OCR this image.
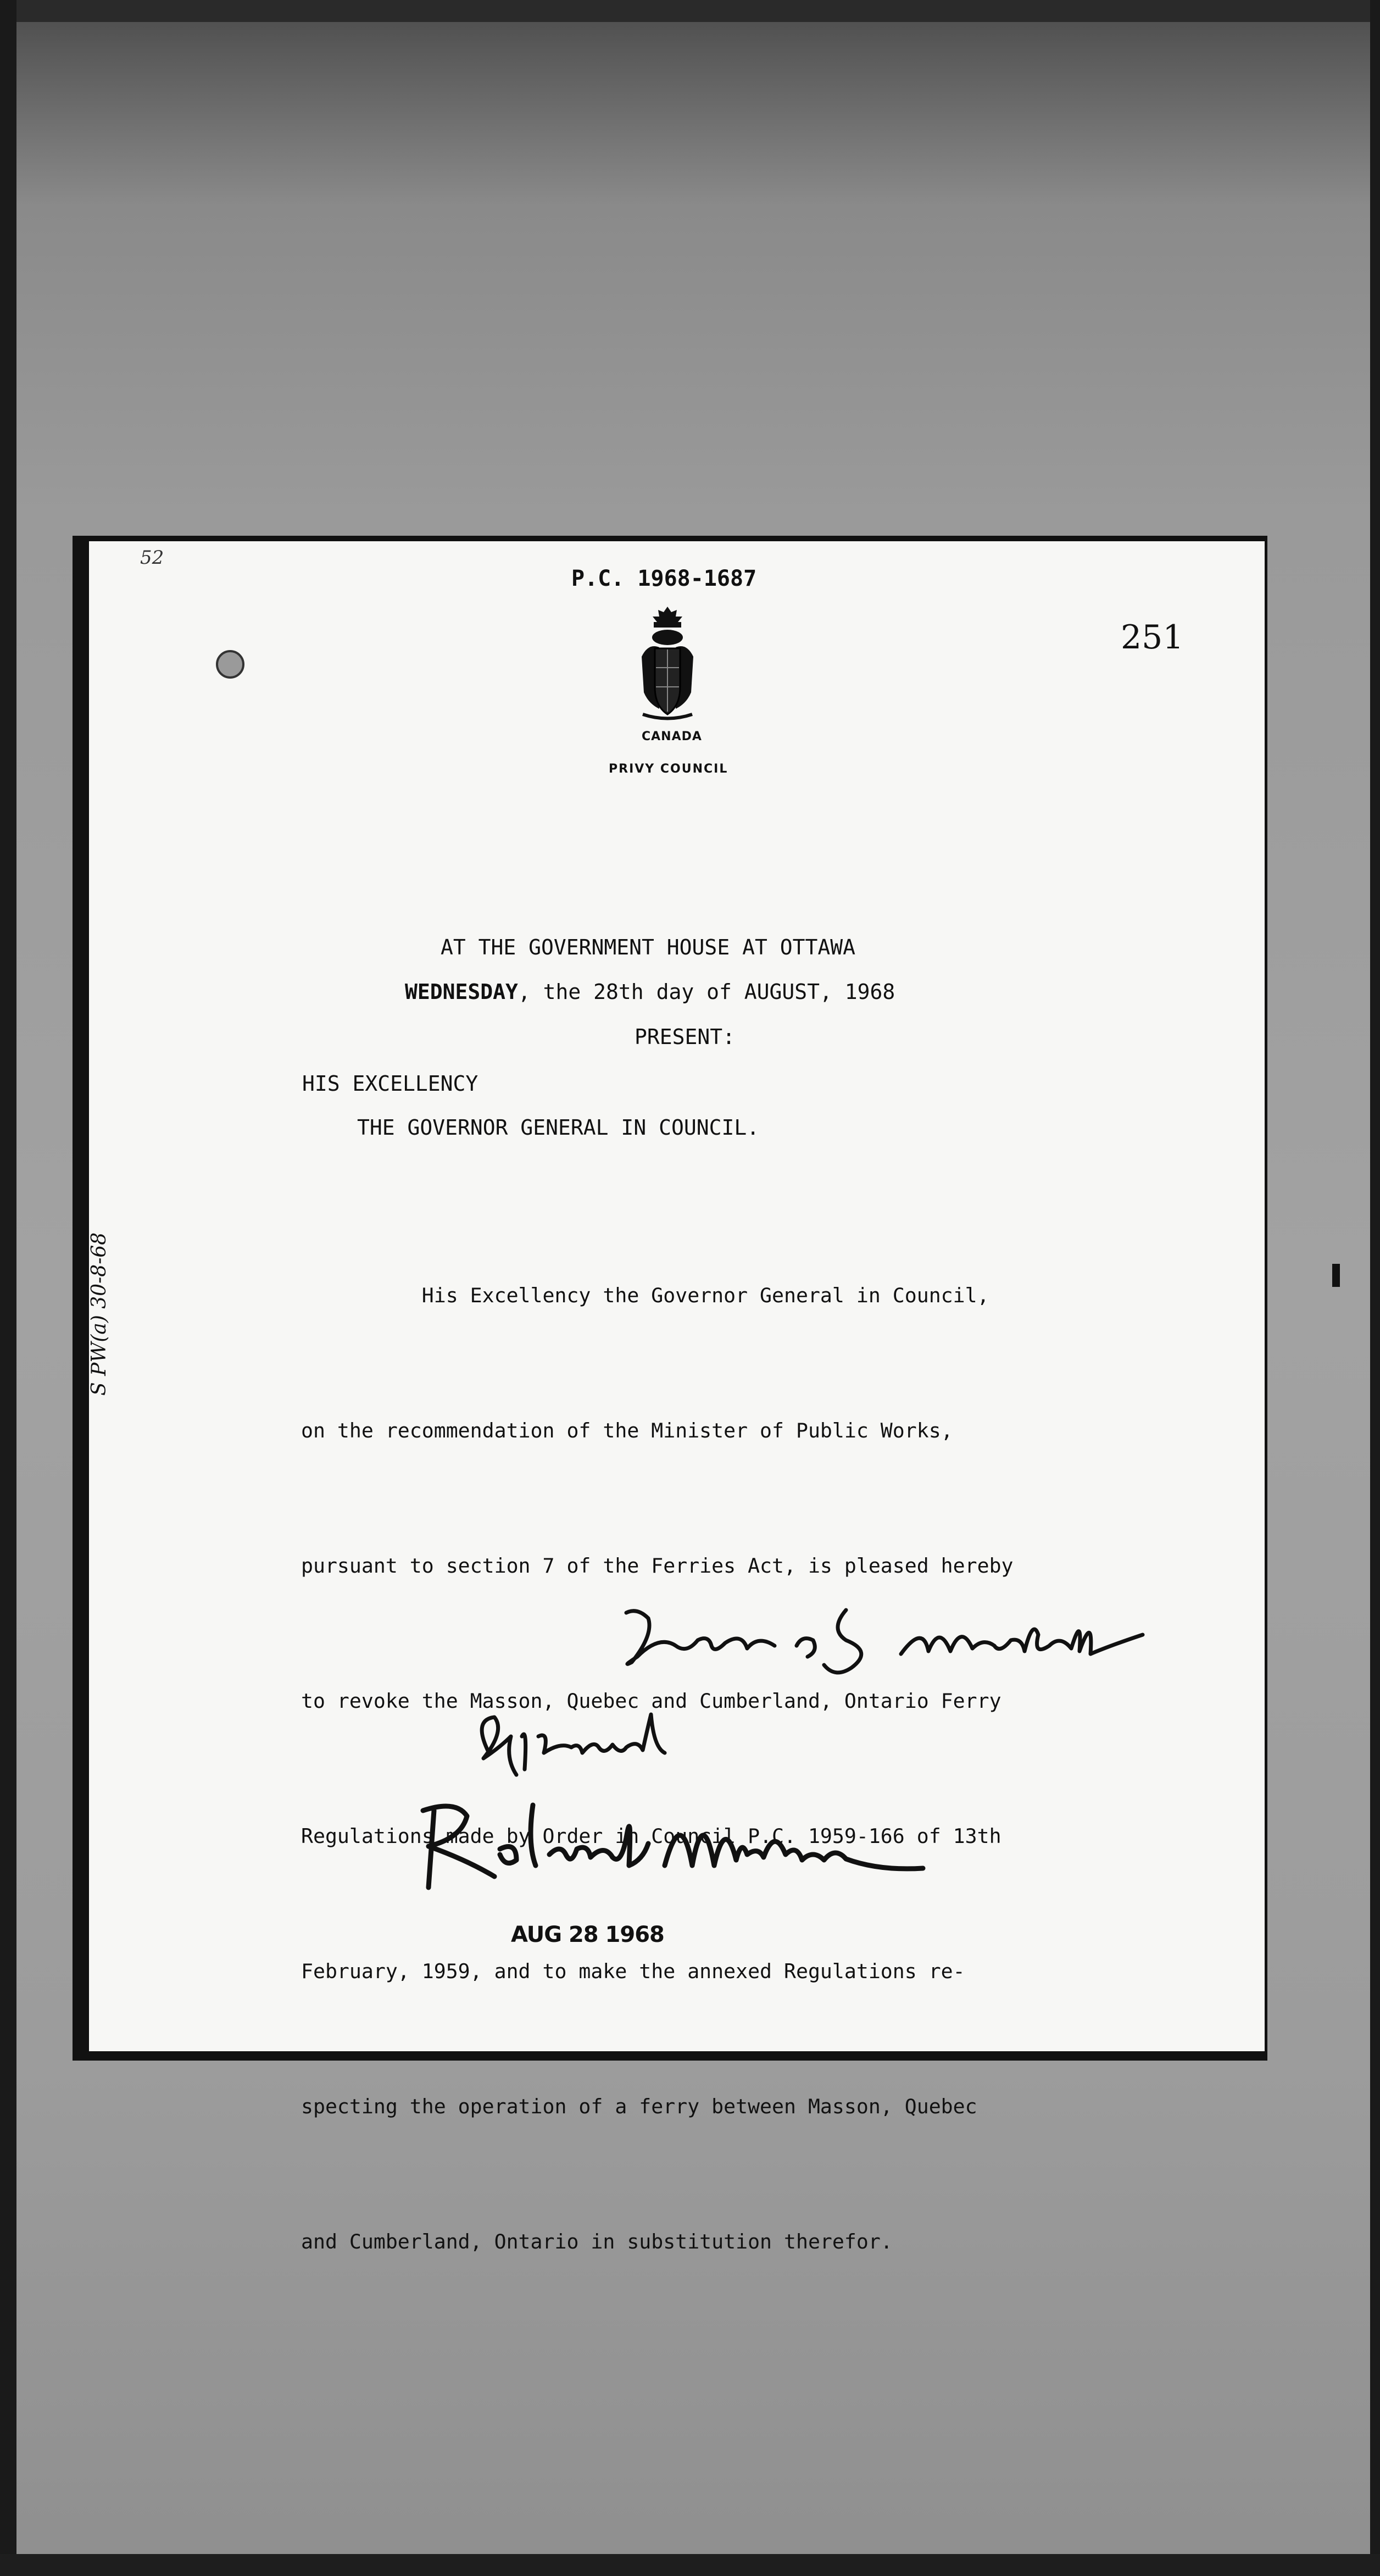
52
P.C. 1968-1687
251
CANADA
PRIVY COUNCIL
AT THE GOVERNMENT HOUSE AT OTTAWA
WEDNESDAY, the 28th day of AUGUST, 1968
PRESENT:
HIS EXCELLENCY
THE GOVERNOR GENERAL IN COUNCIL.

His Excellency the Governor General in Council,

on the recommendation of the Minister of Public Works,

pursuant to section 7 of the Ferries Act, is pleased hereby

to revoke the Masson, Quebec and Cumberland, Ontario Ferry

Regulations made by Order in Council P.C. 1959-166 of 13th

February, 1959, and to make the annexed Regulations re-

specting the operation of a ferry between Masson, Quebec

and Cumberland, Ontario in substitution therefor.

S PW(a) 30-8-68
AUG 28 1968
